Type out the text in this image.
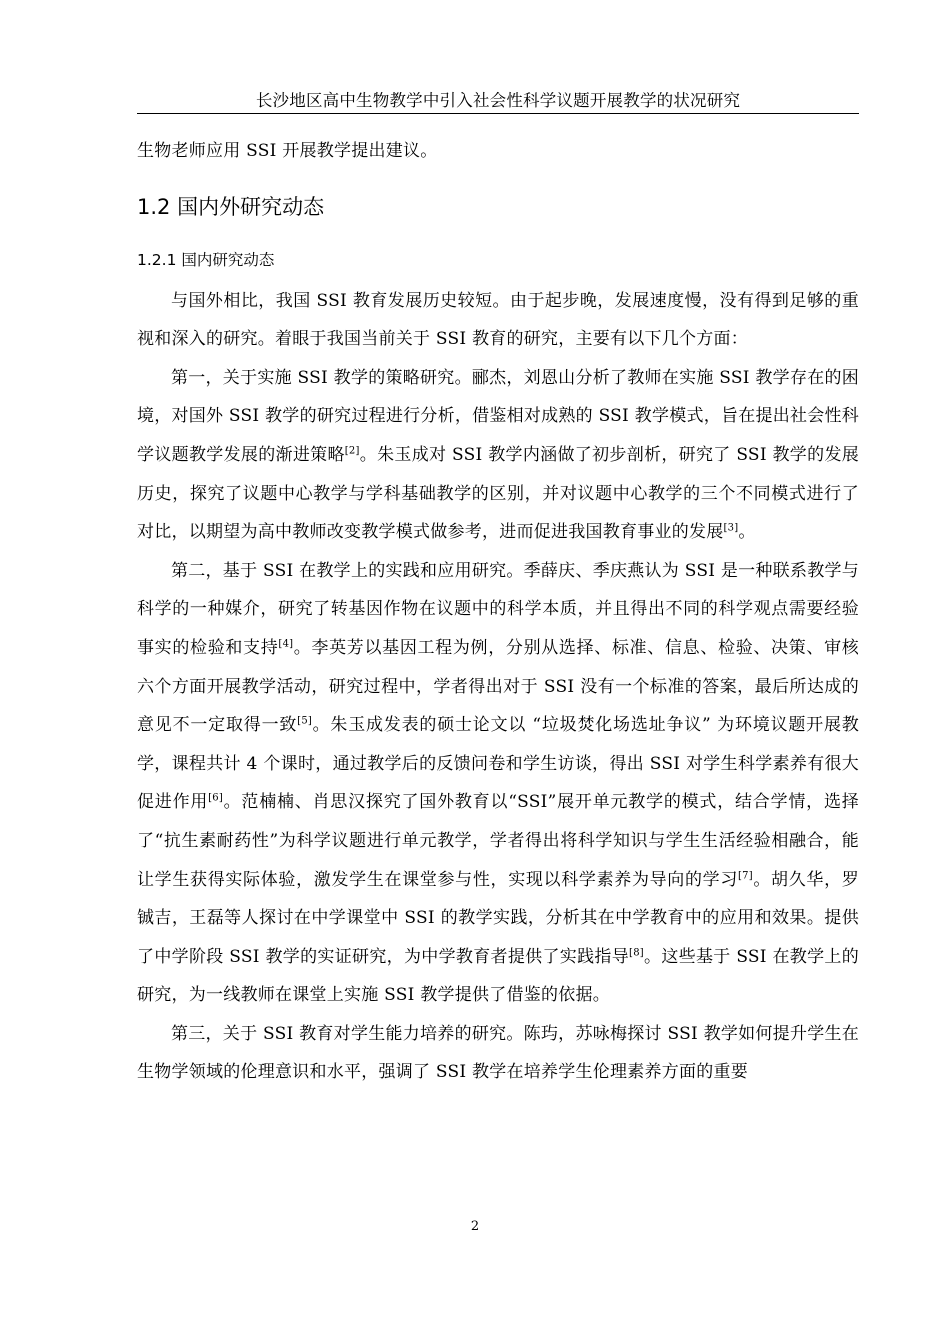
长沙地区高中生物教学中引入社会性科学议题开展教学的状况研究

生物老师应用 SSI 开展教学提出建议。

1.2 国内外研究动态
1.2.1 国内研究动态

与国外相比，我国 SSI 教育发展历史较短。由于起步晚，发展速度慢，没有得到足够的重视和深入的研究。着眼于我国当前关于 SSI 教育的研究，主要有以下几个方面：

第一，关于实施 SSI 教学的策略研究。郦杰，刘恩山分析了教师在实施 SSI 教学存在的困境，对国外 SSI 教学的研究过程进行分析，借鉴相对成熟的 SSI 教学模式，旨在提出社会性科学议题教学发展的渐进策略[2]。朱玉成对 SSI 教学内涵做了初步剖析，研究了 SSI 教学的发展历史，探究了议题中心教学与学科基础教学的区别，并对议题中心教学的三个不同模式进行了对比，以期望为高中教师改变教学模式做参考，进而促进我国教育事业的发展[3]。

第二，基于 SSI 在教学上的实践和应用研究。季薛庆、季庆燕认为 SSI 是一种联系教学与科学的一种媒介，研究了转基因作物在议题中的科学本质，并且得出不同的科学观点需要经验事实的检验和支持[4]。李英芳以基因工程为例，分别从选择、标准、信息、检验、决策、审核六个方面开展教学活动，研究过程中，学者得出对于 SSI 没有一个标准的答案，最后所达成的意见不一定取得一致[5]。朱玉成发表的硕士论文以 “垃圾焚化场选址争议” 为环境议题开展教学，课程共计 4 个课时，通过教学后的反馈问卷和学生访谈，得出 SSI 对学生科学素养有很大促进作用[6]。范楠楠、肖思汉探究了国外教育以“SSI”展开单元教学的模式，结合学情，选择了“抗生素耐药性”为科学议题进行单元教学，学者得出将科学知识与学生生活经验相融合，能让学生获得实际体验，激发学生在课堂参与性，实现以科学素养为导向的学习[7]。胡久华，罗铖吉，王磊等人探讨在中学课堂中 SSI 的教学实践，分析其在中学教育中的应用和效果。提供了中学阶段 SSI 教学的实证研究，为中学教育者提供了实践指导[8]。这些基于 SSI 在教学上的研究，为一线教师在课堂上实施 SSI 教学提供了借鉴的依据。

第三，关于 SSI 教育对学生能力培养的研究。陈玙，苏咏梅探讨 SSI 教学如何提升学生在生物学领域的伦理意识和水平，强调了 SSI 教学在培养学生伦理素养方面的重要

2
